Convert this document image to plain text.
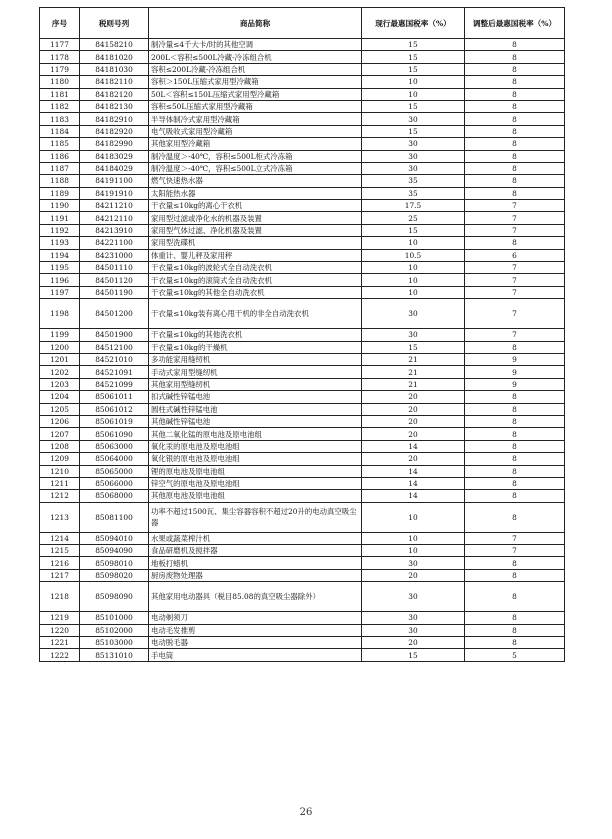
序号	税则号列	商品简称	现行最惠国税率（%）	调整后最惠国税率（%）
1177	84158210	制冷量≤4千大卡/时的其他空调	15	8
1178	84181020	200L＜容积≤500L冷藏-冷冻组合机	15	8
1179	84181030	容积≤200L冷藏-冷冻组合机	15	8
1180	84182110	容积＞150L压缩式家用型冷藏箱	10	8
1181	84182120	50L＜容积≤150L压缩式家用型冷藏箱	10	8
1182	84182130	容积≤50L压缩式家用型冷藏箱	15	8
1183	84182910	半导体制冷式家用型冷藏箱	30	8
1184	84182920	电气吸收式家用型冷藏箱	15	8
1185	84182990	其他家用型冷藏箱	30	8
1186	84183029	制冷温度＞-40℃，容积≤500L柜式冷冻箱	30	8
1187	84184029	制冷温度＞-40℃，容积≤500L立式冷冻箱	30	8
1188	84191100	燃气快速热水器	35	8
1189	84191910	太阳能热水器	35	8
1190	84211210	干衣量≤10kg的离心干衣机	17.5	7
1191	84212110	家用型过滤或净化水的机器及装置	25	7
1192	84213910	家用型气体过滤、净化机器及装置	15	7
1193	84221100	家用型洗碟机	10	8
1194	84231000	体重计、婴儿秤及家用秤	10.5	6
1195	84501110	干衣量≤10kg的波轮式全自动洗衣机	10	7
1196	84501120	干衣量≤10kg的滚筒式全自动洗衣机	10	7
1197	84501190	干衣量≤10kg的其他全自动洗衣机	10	7
1198	84501200	干衣量≤10kg装有离心甩干机的非全自动洗衣机	30	7
1199	84501900	干衣量≤10kg的其他洗衣机	30	7
1200	84512100	干衣量≤10kg的干燥机	15	8
1201	84521010	多功能家用缝纫机	21	9
1202	84521091	手动式家用型缝纫机	21	9
1203	84521099	其他家用型缝纫机	21	9
1204	85061011	扣式碱性锌锰电池	20	8
1205	85061012	圆柱式碱性锌锰电池	20	8
1206	85061019	其他碱性锌锰电池	20	8
1207	85061090	其他二氧化锰的原电池及原电池组	20	8
1208	85063000	氧化汞的原电池及原电池组	14	8
1209	85064000	氧化银的原电池及原电池组	20	8
1210	85065000	锂的原电池及原电池组	14	8
1211	85066000	锌空气的原电池及原电池组	14	8
1212	85068000	其他原电池及原电池组	14	8
1213	85081100	功率不超过1500瓦、集尘容器容积不超过20升的电动真空吸尘器	10	8
1214	85094010	水果或蔬菜榨汁机	10	7
1215	85094090	食品研磨机及搅拌器	10	7
1216	85098010	地板打蜡机	30	8
1217	85098020	厨房废物处理器	20	8
1218	85098090	其他家用电动器具（税目85.08的真空吸尘器除外）	30	8
1219	85101000	电动剃须刀	30	8
1220	85102000	电动毛发推剪	30	8
1221	85103000	电动脱毛器	20	8
1222	85131010	手电筒	15	5
26
